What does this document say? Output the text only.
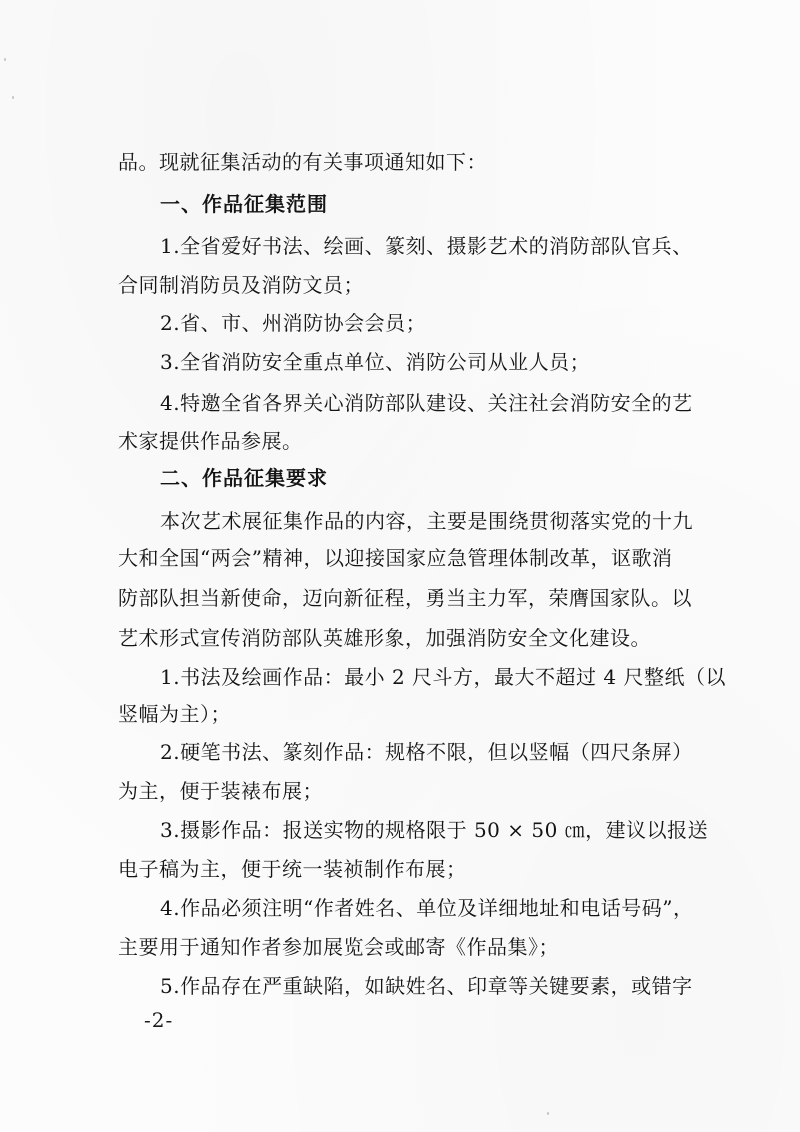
品。现就征集活动的有关事项通知如下：
一、作品征集范围
1.全省爱好书法、绘画、篆刻、摄影艺术的消防部队官兵、
合同制消防员及消防文员；
2.省、市、州消防协会会员；
3.全省消防安全重点单位、消防公司从业人员；
4.特邀全省各界关心消防部队建设、关注社会消防安全的艺
术家提供作品参展。
二、作品征集要求
本次艺术展征集作品的内容，主要是围绕贯彻落实党的十九
大和全国“两会”精神，以迎接国家应急管理体制改革，讴歌消
防部队担当新使命，迈向新征程，勇当主力军，荣膺国家队。以
艺术形式宣传消防部队英雄形象，加强消防安全文化建设。
1.书法及绘画作品：最小 2 尺斗方，最大不超过 4 尺整纸（以
竖幅为主）；
2.硬笔书法、篆刻作品：规格不限，但以竖幅（四尺条屏）
为主，便于装裱布展；
3.摄影作品：报送实物的规格限于 50 × 50 ㎝，建议以报送
电子稿为主，便于统一装祯制作布展；
4.作品必须注明“作者姓名、单位及详细地址和电话号码”，
主要用于通知作者参加展览会或邮寄《作品集》；
5.作品存在严重缺陷，如缺姓名、印章等关键要素，或错字
-2-
